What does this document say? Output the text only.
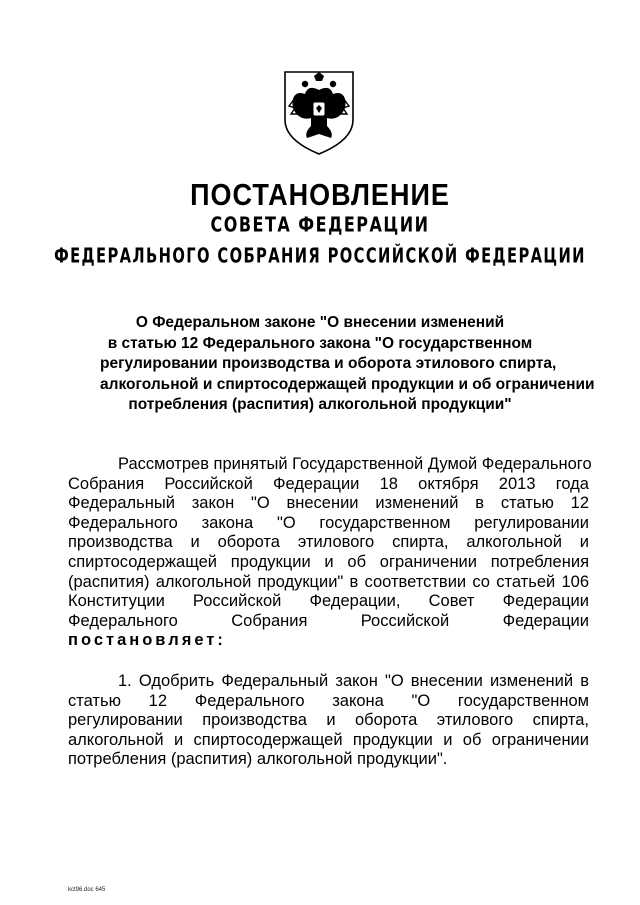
ПОСТАНОВЛЕНИЕ
СОВЕТА ФЕДЕРАЦИИ
ФЕДЕРАЛЬНОГО СОБРАНИЯ РОССИЙСКОЙ ФЕДЕРАЦИИ
О Федеральном законе "О внесении изменений
в статью 12 Федерального закона "О государственном
регулировании производства и оборота этилового спирта,
алкогольной и спиртосодержащей продукции и об ограничении
потребления (распития) алкогольной продукции"
Рассмотрев принятый Государственной Думой Федерального
Собрания Российской Федерации 18 октября 2013 года
Федеральный закон "О внесении изменений в статью 12
Федерального закона "О государственном регулировании
производства и оборота этилового спирта, алкогольной и
спиртосодержащей продукции и об ограничении потребления
(распития) алкогольной продукции" в соответствии со статьей 106
Конституции Российской Федерации, Совет Федерации
Федерального Собрания Российской Федерации
постановляет:
1. Одобрить Федеральный закон "О внесении изменений в
статью 12 Федерального закона "О государственном
регулировании производства и оборота этилового спирта,
алкогольной и спиртосодержащей продукции и об ограничении
потребления (распития) алкогольной продукции".
kct96.doc 645
